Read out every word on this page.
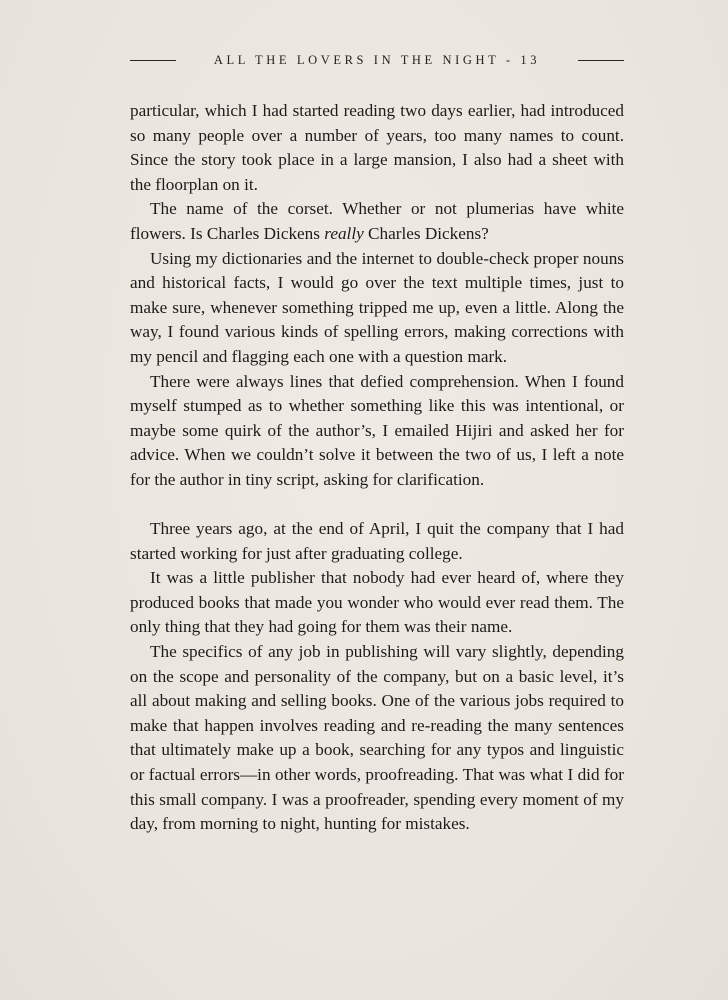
ALL THE LOVERS IN THE NIGHT - 13

particular, which I had started reading two days earlier, had introduced so many people over a number of years, too many names to count. Since the story took place in a large mansion, I also had a sheet with the floorplan on it.

The name of the corset. Whether or not plumerias have white flowers. Is Charles Dickens really Charles Dickens?

Using my dictionaries and the internet to double-check proper nouns and historical facts, I would go over the text multiple times, just to make sure, whenever something tripped me up, even a little. Along the way, I found various kinds of spelling errors, making corrections with my pencil and flagging each one with a question mark.

There were always lines that defied comprehension. When I found myself stumped as to whether something like this was intentional, or maybe some quirk of the author’s, I emailed Hijiri and asked her for advice. When we couldn’t solve it between the two of us, I left a note for the author in tiny script, asking for clarification.

Three years ago, at the end of April, I quit the company that I had started working for just after graduating college.

It was a little publisher that nobody had ever heard of, where they produced books that made you wonder who would ever read them. The only thing that they had going for them was their name.

The specifics of any job in publishing will vary slightly, depending on the scope and personality of the company, but on a basic level, it’s all about making and selling books. One of the various jobs required to make that happen involves reading and re-reading the many sentences that ultimately make up a book, searching for any typos and linguistic or factual errors—in other words, proofreading. That was what I did for this small company. I was a proofreader, spending every moment of my day, from morning to night, hunting for mistakes.
